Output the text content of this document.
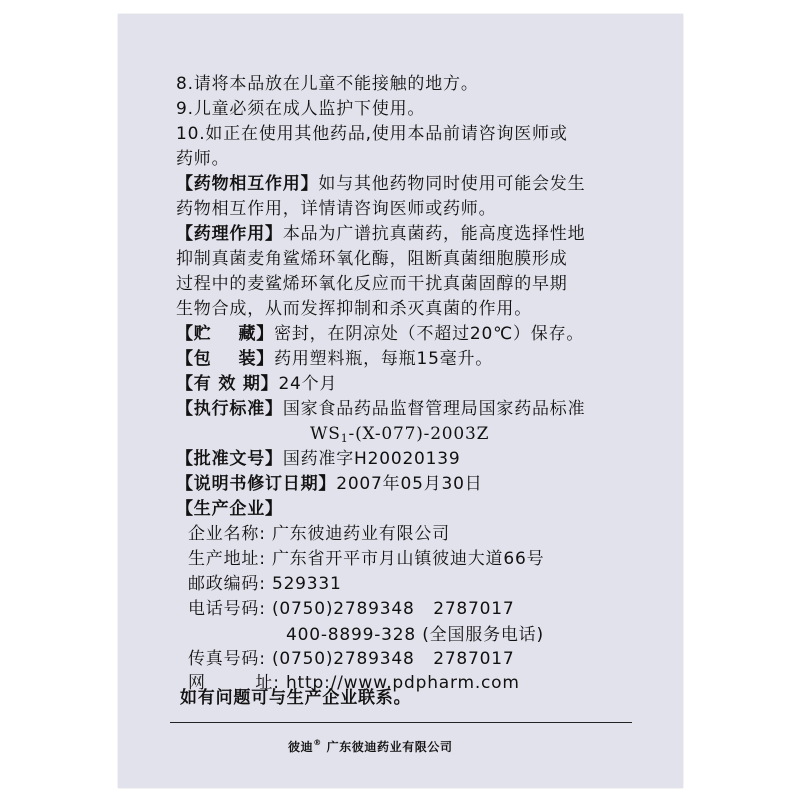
8.请将本品放在儿童不能接触的地方。
9.儿童必须在成人监护下使用。
10.如正在使用其他药品,使用本品前请咨询医师或
药师。
【药物相互作用】如与其他药物同时使用可能会发生
药物相互作用，详情请咨询医师或药师。
【药理作用】本品为广谱抗真菌药，能高度选择性地
抑制真菌麦角鲨烯环氧化酶，阻断真菌细胞膜形成
过程中的麦鲨烯环氧化反应而干扰真菌固醇的早期
生物合成，从而发挥抑制和杀灭真菌的作用。
【贮    藏】密封，在阴凉处（不超过20℃）保存。
【包    装】药用塑料瓶，每瓶15毫升。
【有 效 期】24个月
【执行标准】国家食品药品监督管理局国家药品标准
$WS_1-(X-077)-2003Z$
【批准文号】国药准字H20020139
【说明书修订日期】2007年05月30日
【生产企业】
企业名称: 广东彼迪药业有限公司
生产地址: 广东省开平市月山镇彼迪大道66号
邮政编码: 529331
电话号码: (0750)2789348   2787017
400-8899-328 (全国服务电话)
传真号码: (0750)2789348   2787017
网        址: http://www.pdpharm.com
彼迪® 广东彼迪药业有限公司
如有问题可与生产企业联系。
